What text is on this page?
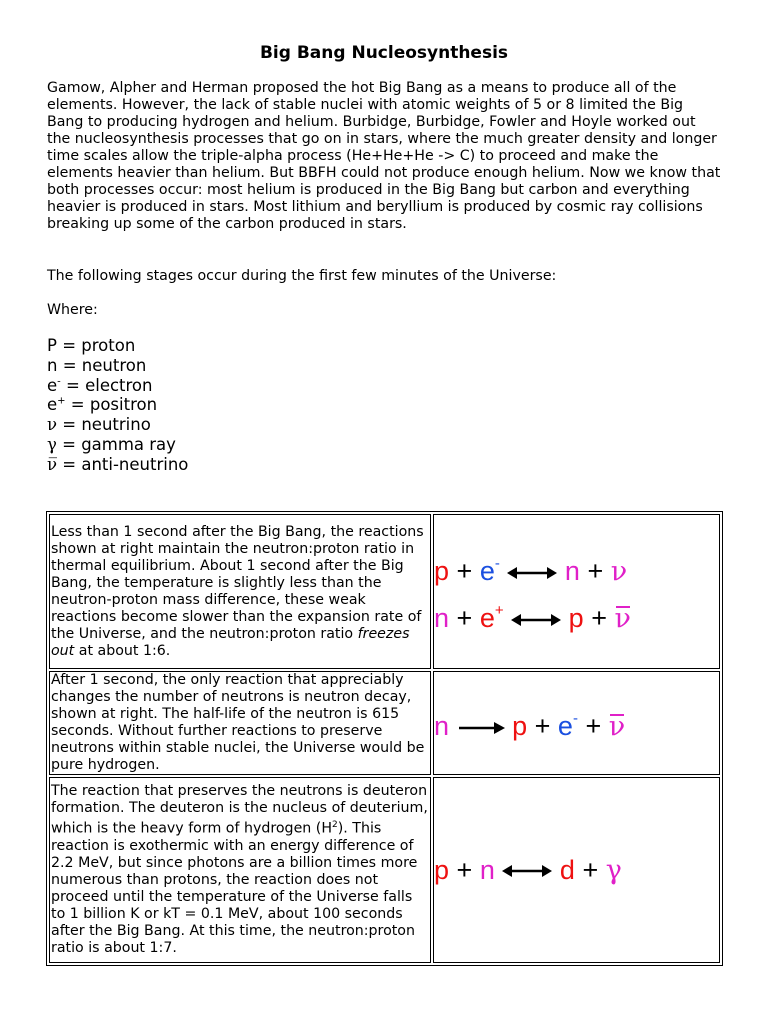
Big Bang Nucleosynthesis

Gamow, Alpher and Herman proposed the hot Big Bang as a means to produce all of the elements. However, the lack of stable nuclei with atomic weights of 5 or 8 limited the Big Bang to producing hydrogen and helium. Burbidge, Burbidge, Fowler and Hoyle worked out the nucleosynthesis processes that go on in stars, where the much greater density and longer time scales allow the triple-alpha process (He+He+He -> C) to proceed and make the elements heavier than helium. But BBFH could not produce enough helium. Now we know that both processes occur: most helium is produced in the Big Bang but carbon and everything heavier is produced in stars. Most lithium and beryllium is produced by cosmic ray collisions breaking up some of the carbon produced in stars.

The following stages occur during the first few minutes of the Universe:

Where:

P = proton
n = neutron
e- = electron
e+ = positron
ν = neutrino
γ = gamma ray
ν̅ = anti-neutrino
Less than 1 second after the Big Bang, the reactions shown at right maintain the neutron:proton ratio in thermal equilibrium. About 1 second after the Big Bang, the temperature is slightly less than the neutron-proton mass difference, these weak reactions become slower than the expansion rate of the Universe, and the neutron:proton ratio freezes out at about 1:6.	p + e- n + ν
n + e+ p + ν

After 1 second, the only reaction that appreciably changes the number of neutrons is neutron decay, shown at right. The half-life of the neutron is 615 seconds. Without further reactions to preserve neutrons within stable nuclei, the Universe would be pure hydrogen.	n p + e- + ν

The reaction that preserves the neutrons is deuteron formation. The deuteron is the nucleus of deuterium, which is the heavy form of hydrogen $(H^2)$. This reaction is exothermic with an energy difference of 2.2 MeV, but since photons are a billion times more numerous than protons, the reaction does not proceed until the temperature of the Universe falls to 1 billion K or kT = 0.1 MeV, about 100 seconds after the Big Bang. At this time, the neutron:proton ratio is about 1:7.	p + n d + γ
